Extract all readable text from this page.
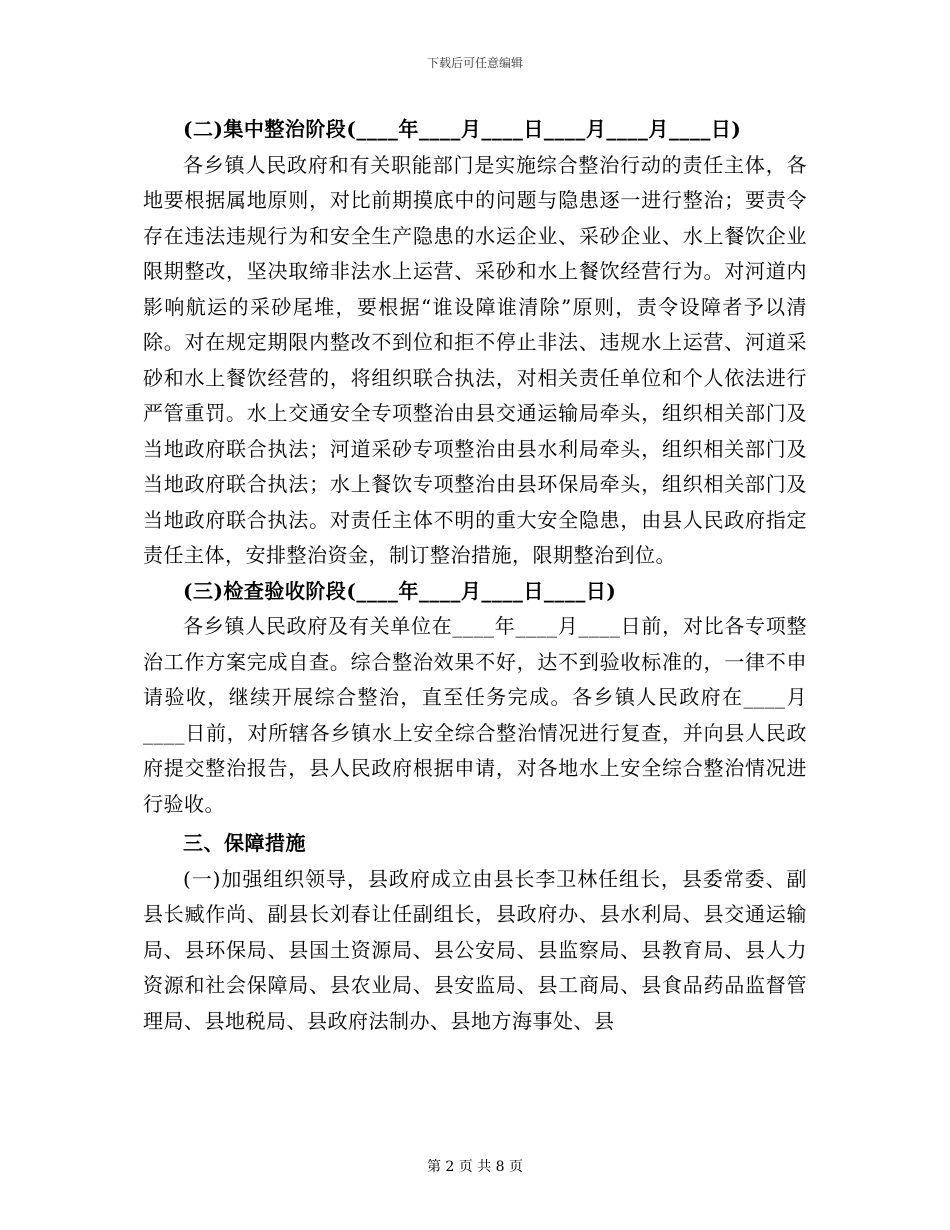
下载后可任意编辑
(二)集中整治阶段(____年____月____日____月____月____日)

各乡镇人民政府和有关职能部门是实施综合整治行动的责任主体，各地要根据属地原则，对比前期摸底中的问题与隐患逐一进行整治；要责令存在违法违规行为和安全生产隐患的水运企业、采砂企业、水上餐饮企业限期整改，坚决取缔非法水上运营、采砂和水上餐饮经营行为。对河道内影响航运的采砂尾堆，要根据“谁设障谁清除”原则，责令设障者予以清除。对在规定期限内整改不到位和拒不停止非法、违规水上运营、河道采砂和水上餐饮经营的，将组织联合执法，对相关责任单位和个人依法进行严管重罚。水上交通安全专项整治由县交通运输局牵头，组织相关部门及当地政府联合执法；河道采砂专项整治由县水利局牵头，组织相关部门及当地政府联合执法；水上餐饮专项整治由县环保局牵头，组织相关部门及当地政府联合执法。对责任主体不明的重大安全隐患，由县人民政府指定责任主体，安排整治资金，制订整治措施，限期整治到位。

(三)检查验收阶段(____年____月____日____日)

各乡镇人民政府及有关单位在____年____月____日前，对比各专项整治工作方案完成自查。综合整治效果不好，达不到验收标准的，一律不申请验收，继续开展综合整治，直至任务完成。各乡镇人民政府在____月____日前，对所辖各乡镇水上安全综合整治情况进行复查，并向县人民政府提交整治报告，县人民政府根据申请，对各地水上安全综合整治情况进行验收。

三、保障措施

(一)加强组织领导，县政府成立由县长李卫林任组长，县委常委、副县长臧作尚、副县长刘春让任副组长，县政府办、县水利局、县交通运输局、县环保局、县国土资源局、县公安局、县监察局、县教育局、县人力资源和社会保障局、县农业局、县安监局、县工商局、县食品药品监督管理局、县地税局、县政府法制办、县地方海事处、县

第 2 页 共 8 页
